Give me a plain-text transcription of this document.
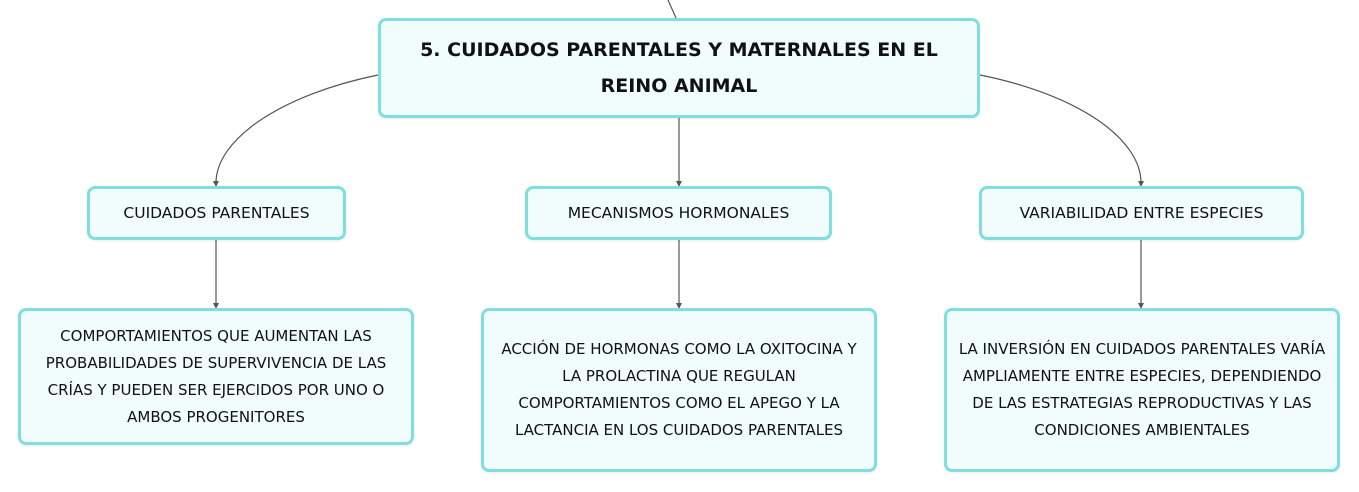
5. CUIDADOS PARENTALES Y MATERNALES EN EL REINO ANIMAL
CUIDADOS PARENTALES	MECANISMOS HORMONALES	VARIABILIDAD ENTRE ESPECIES
COMPORTAMIENTOS QUE AUMENTAN LAS PROBABILIDADES DE SUPERVIVENCIA DE LAS CRÍAS Y PUEDEN SER EJERCIDOS POR UNO O AMBOS PROGENITORES
ACCIÓN DE HORMONAS COMO LA OXITOCINA Y LA PROLACTINA QUE REGULAN COMPORTAMIENTOS COMO EL APEGO Y LA LACTANCIA EN LOS CUIDADOS PARENTALES
LA INVERSIÓN EN CUIDADOS PARENTALES VARÍA AMPLIAMENTE ENTRE ESPECIES, DEPENDIENDO DE LAS ESTRATEGIAS REPRODUCTIVAS Y LAS CONDICIONES AMBIENTALES
